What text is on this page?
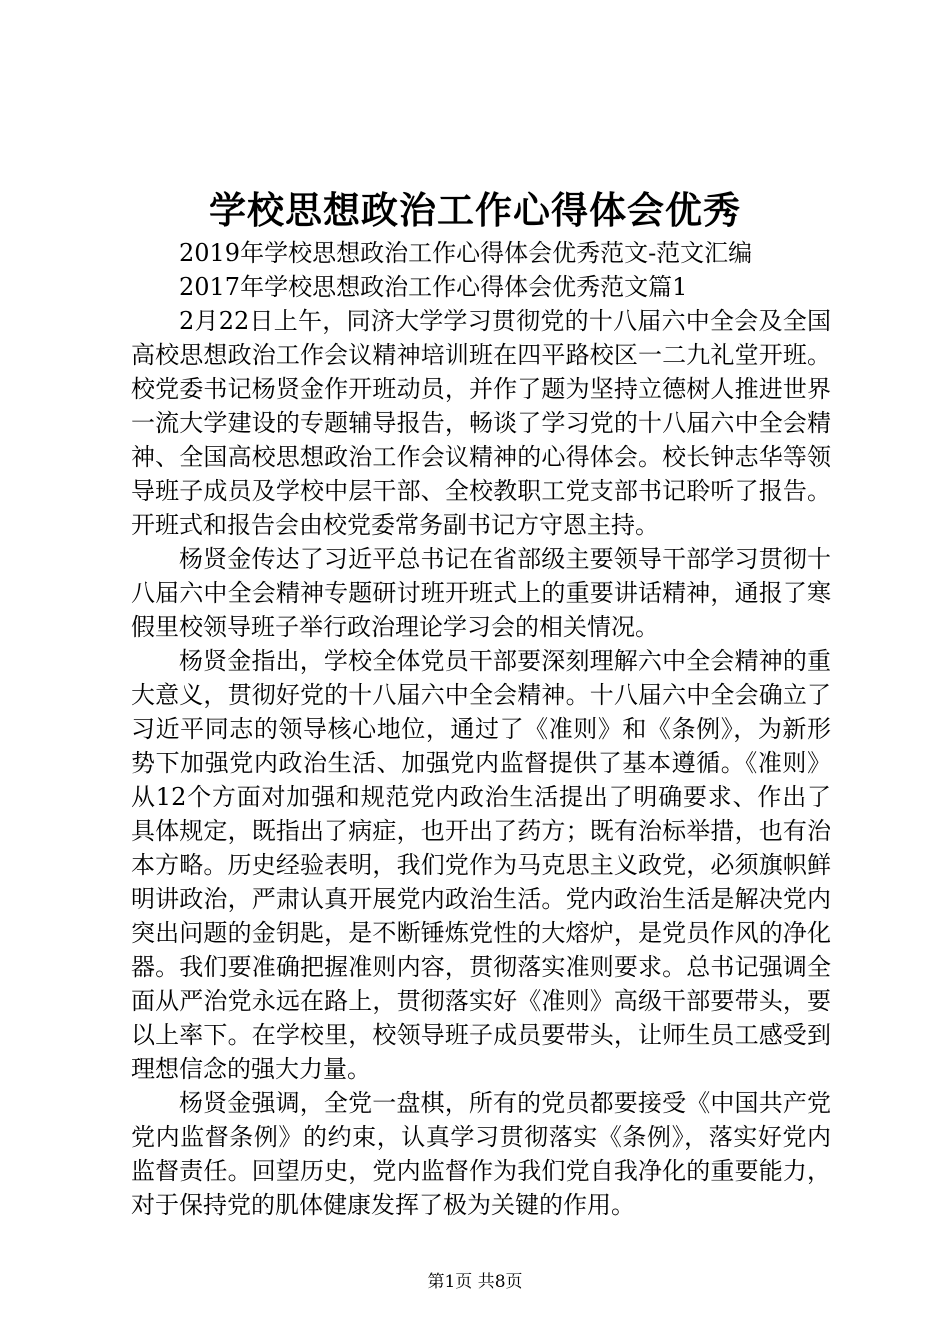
学校思想政治工作心得体会优秀

2019年学校思想政治工作心得体会优秀范文-范文汇编

2017年学校思想政治工作心得体会优秀范文篇1

2月22日上午，同济大学学习贯彻党的十八届六中全会及全国高校思想政治工作会议精神培训班在四平路校区一二九礼堂开班。校党委书记杨贤金作开班动员，并作了题为坚持立德树人推进世界一流大学建设的专题辅导报告，畅谈了学习党的十八届六中全会精神、全国高校思想政治工作会议精神的心得体会。校长钟志华等领导班子成员及学校中层干部、全校教职工党支部书记聆听了报告。开班式和报告会由校党委常务副书记方守恩主持。

杨贤金传达了习近平总书记在省部级主要领导干部学习贯彻十八届六中全会精神专题研讨班开班式上的重要讲话精神，通报了寒假里校领导班子举行政治理论学习会的相关情况。

杨贤金指出，学校全体党员干部要深刻理解六中全会精神的重大意义，贯彻好党的十八届六中全会精神。十八届六中全会确立了习近平同志的领导核心地位，通过了《准则》和《条例》，为新形势下加强党内政治生活、加强党内监督提供了基本遵循。《准则》从12个方面对加强和规范党内政治生活提出了明确要求、作出了具体规定，既指出了病症，也开出了药方；既有治标举措，也有治本方略。历史经验表明，我们党作为马克思主义政党，必须旗帜鲜明讲政治，严肃认真开展党内政治生活。党内政治生活是解决党内突出问题的金钥匙，是不断锤炼党性的大熔炉，是党员作风的净化器。我们要准确把握准则内容，贯彻落实准则要求。总书记强调全面从严治党永远在路上，贯彻落实好《准则》高级干部要带头，要以上率下。在学校里，校领导班子成员要带头，让师生员工感受到理想信念的强大力量。

杨贤金强调，全党一盘棋，所有的党员都要接受《中国共产党党内监督条例》的约束，认真学习贯彻落实《条例》，落实好党内监督责任。回望历史，党内监督作为我们党自我净化的重要能力，对于保持党的肌体健康发挥了极为关键的作用。

第1页 共8页
